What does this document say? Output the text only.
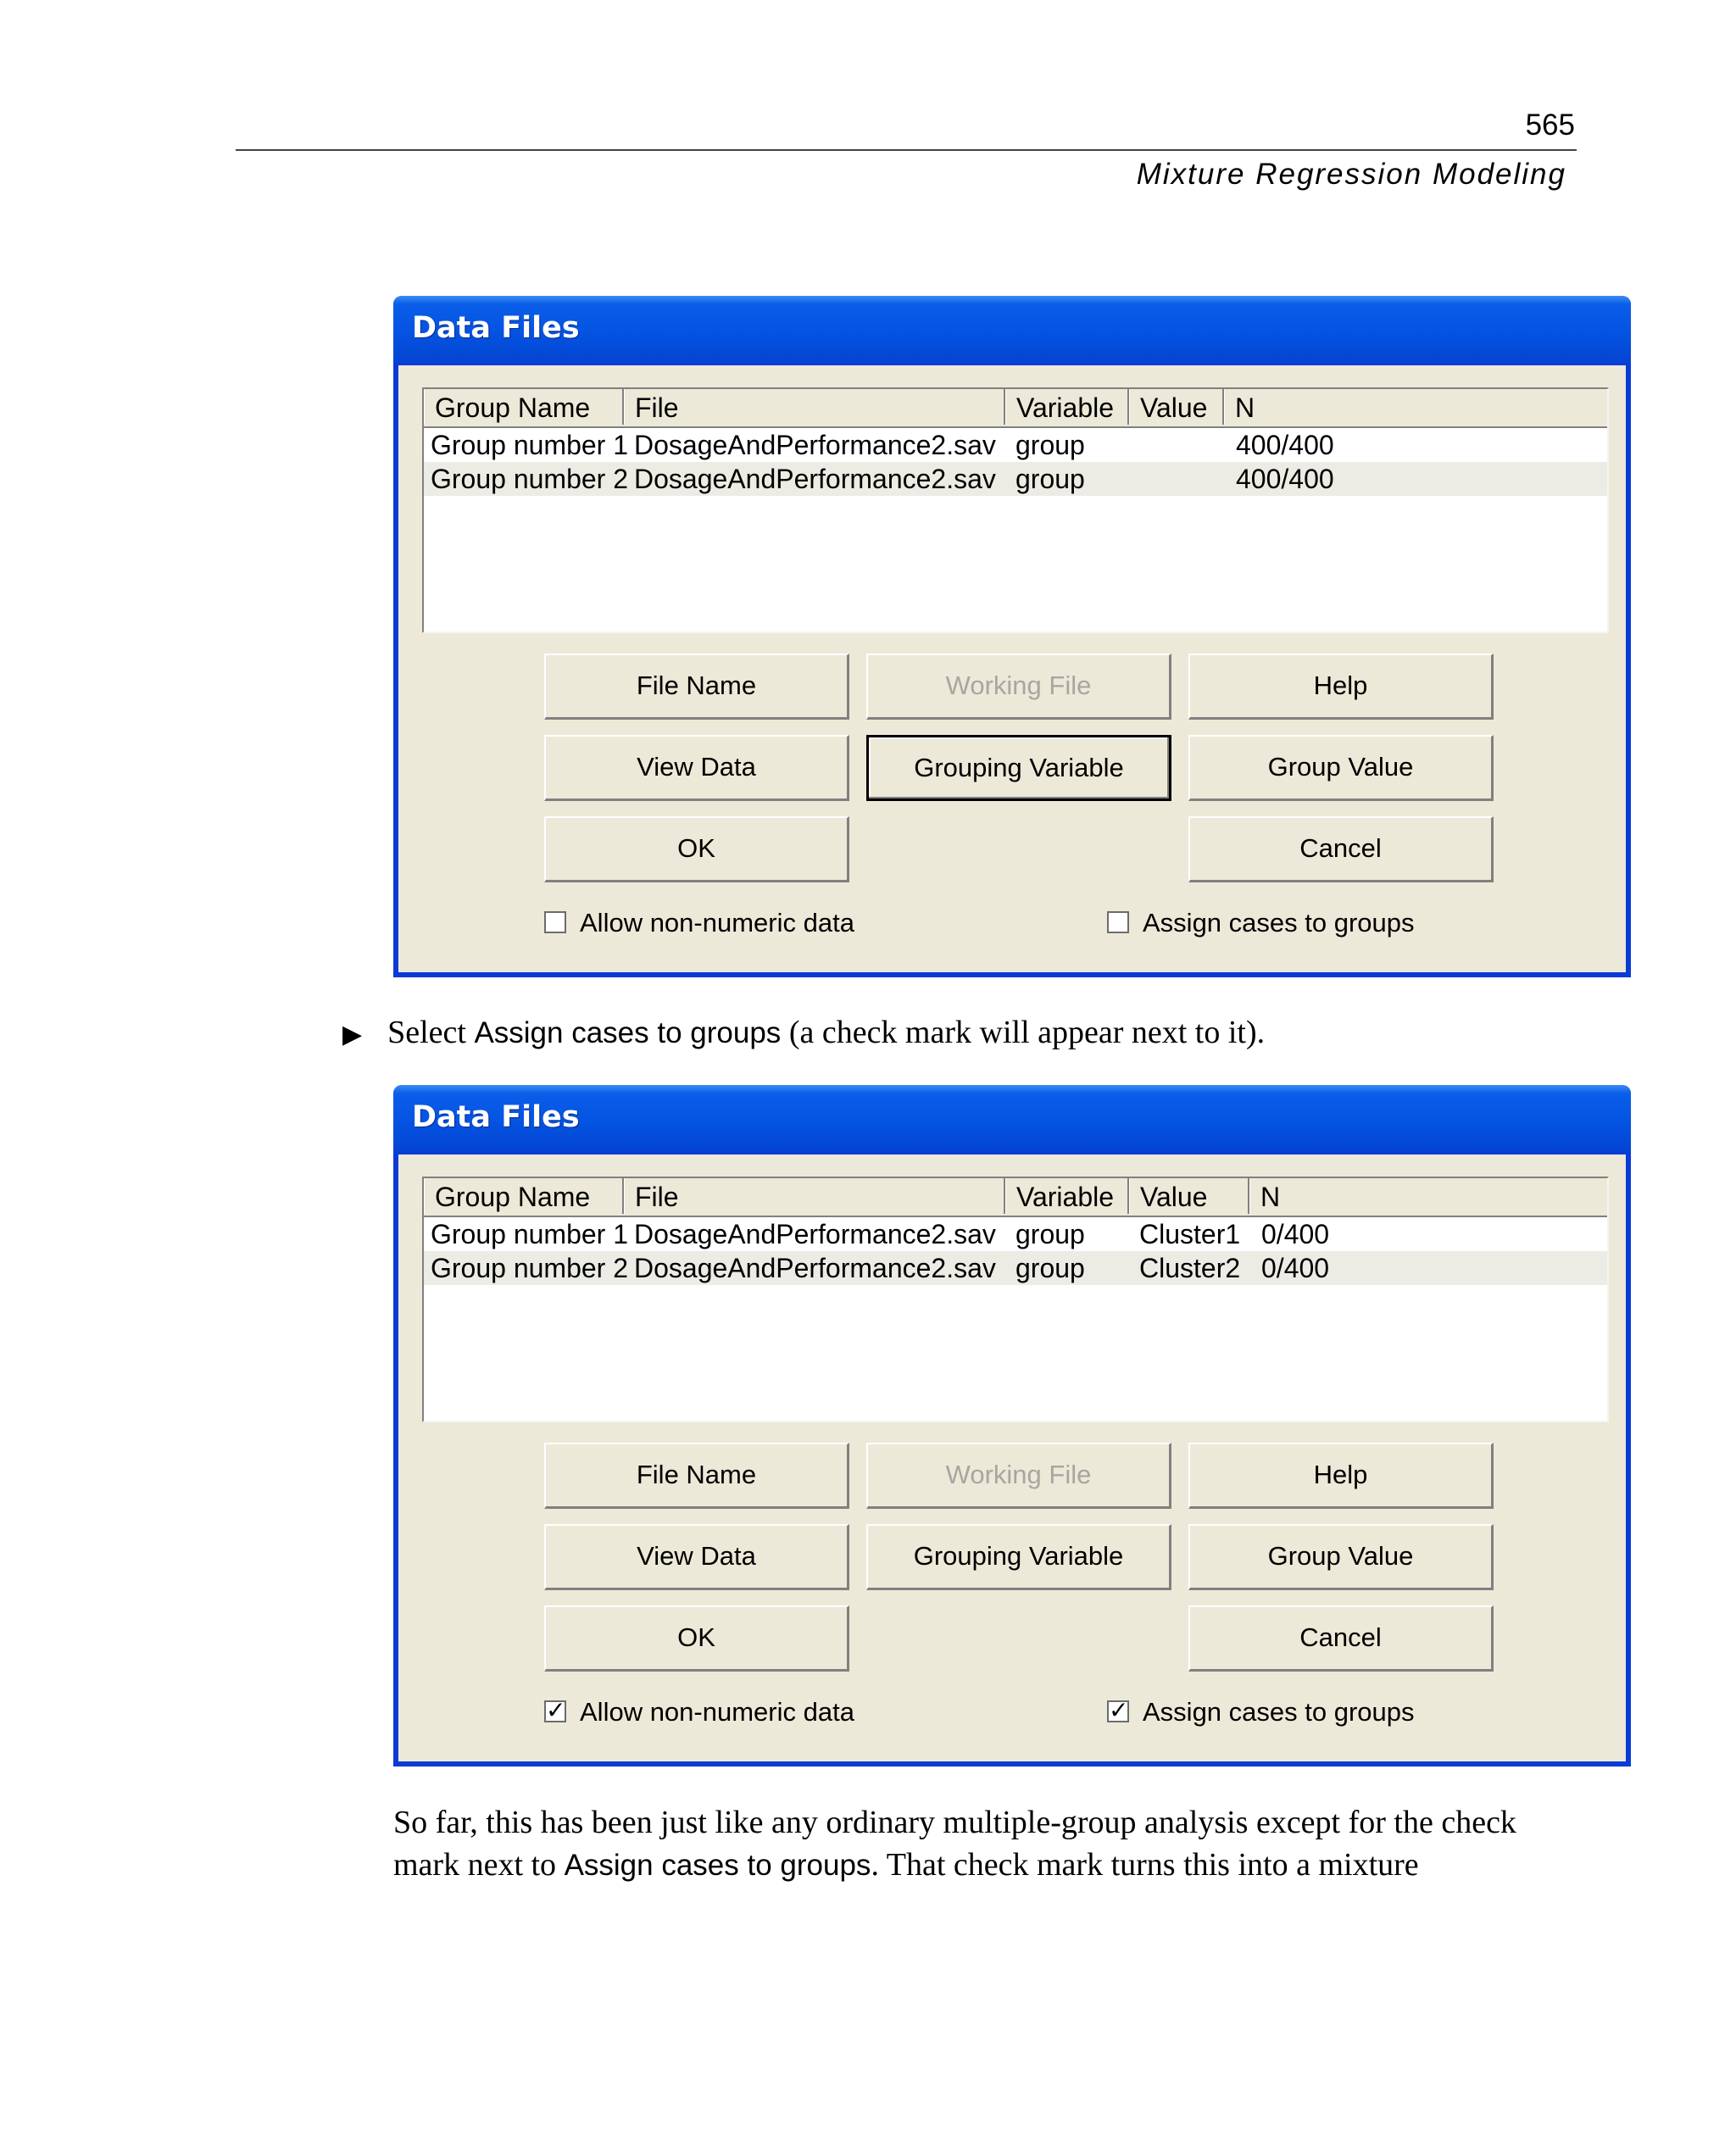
565
Mixture Regression Modeling
Data Files
Group Name	File	Variable Value	N
Group number 1 DosageAndPerformance2.sav group	400/400
Group number 2 DosageAndPerformance2.sav group	400/400
File Name	Working File	Help
View Data	Grouping Variable	Group Value
OK	Cancel
Allow non-numeric data	Assign cases to groups
▶ Select Assign cases to groups (a check mark will appear next to it).
Data Files
Group Name	File	Variable Value	N
Group number 1 DosageAndPerformance2.sav group Cluster1 0/400
Group number 2 DosageAndPerformance2.sav group Cluster2 0/400
File Name	Working File	Help
View Data	Grouping Variable	Group Value
OK	Cancel
✓ Allow non-numeric data	✓ Assign cases to groups
So far, this has been just like any ordinary multiple-group analysis except for the check
mark next to Assign cases to groups. That check mark turns this into a mixture
